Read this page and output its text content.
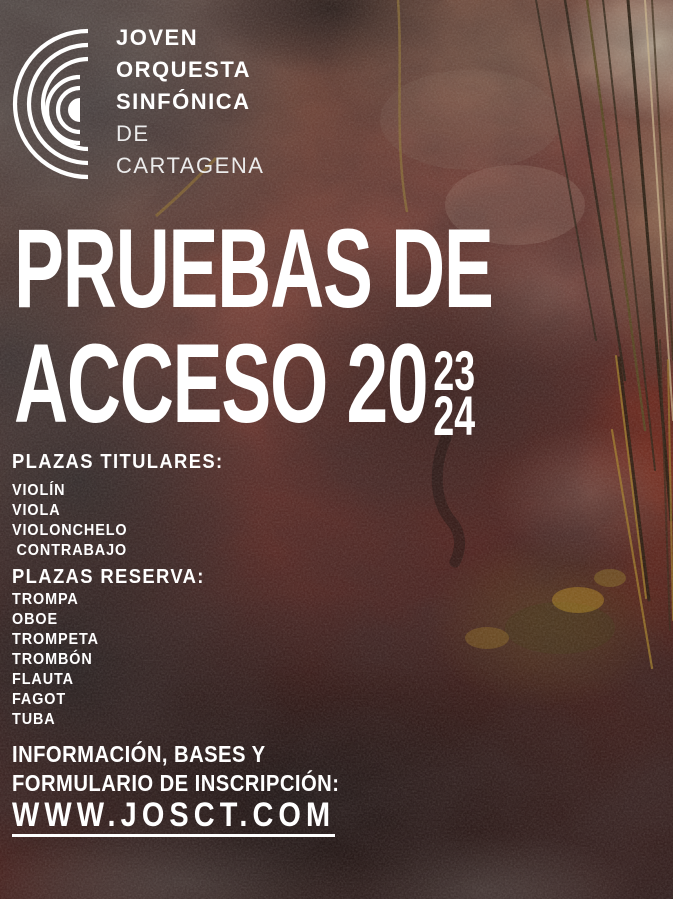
JOVEN
ORQUESTA
SINFÓNICA
DE
CARTAGENA
PRUEBAS DE
ACCESO 20 23
24
PLAZAS TITULARES:
VIOLÍN
VIOLA
VIOLONCHELO
CONTRABAJO
PLAZAS RESERVA:
TROMPA
OBOE
TROMPETA
TROMBÓN
FLAUTA
FAGOT
TUBA
INFORMACIÓN, BASES Y
FORMULARIO DE INSCRIPCIÓN:
WWW.JOSCT.COM
